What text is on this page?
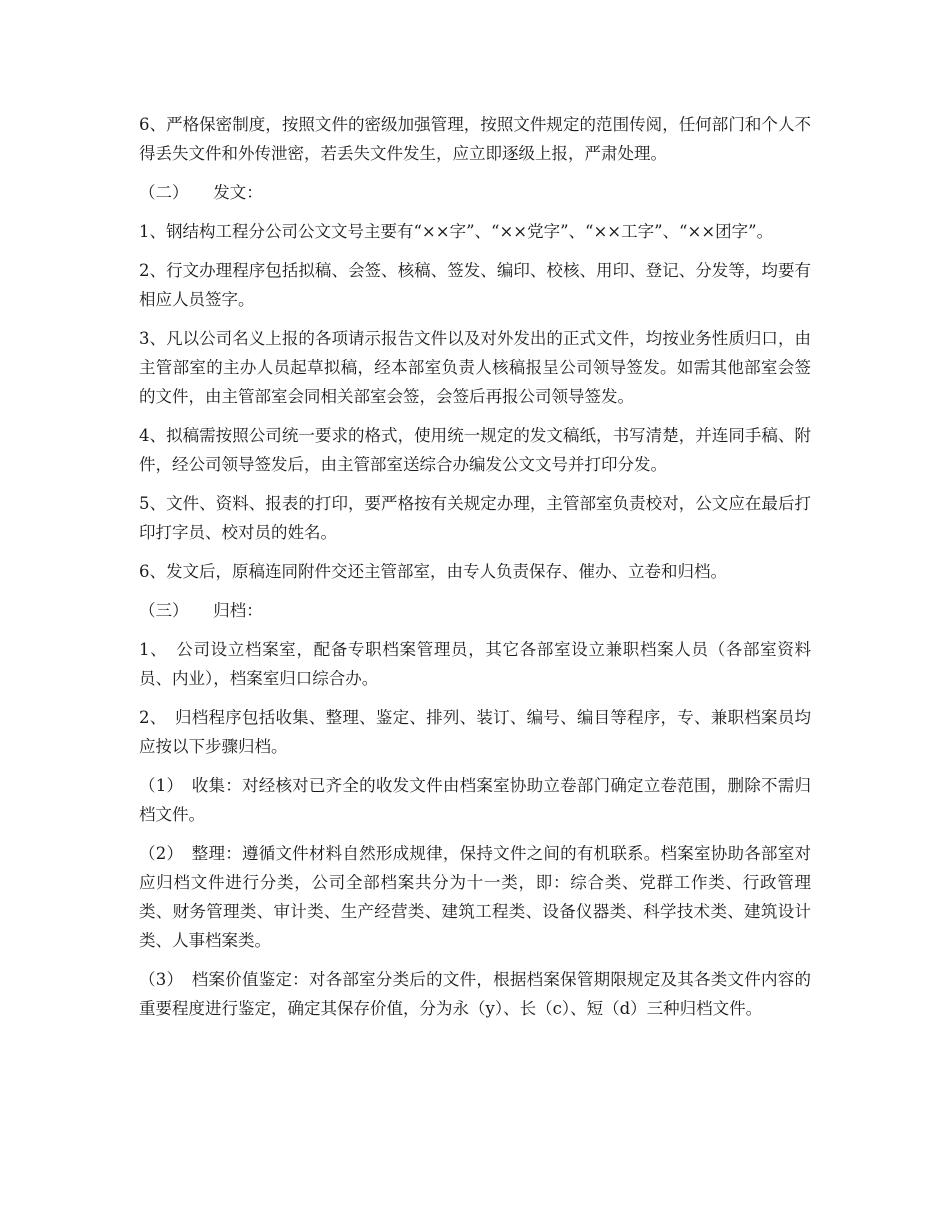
6、严格保密制度，按照文件的密级加强管理，按照文件规定的范围传阅，任何部门和个人不得丢失文件和外传泄密，若丢失文件发生，应立即逐级上报，严肃处理。

（二）　　发文：

1、钢结构工程分公司公文文号主要有“××字”、“××党字”、“××工字”、“××团字”。

2、行文办理程序包括拟稿、会签、核稿、签发、编印、校核、用印、登记、分发等，均要有相应人员签字。

3、凡以公司名义上报的各项请示报告文件以及对外发出的正式文件，均按业务性质归口，由主管部室的主办人员起草拟稿，经本部室负责人核稿报呈公司领导签发。如需其他部室会签的文件，由主管部室会同相关部室会签，会签后再报公司领导签发。

4、拟稿需按照公司统一要求的格式，使用统一规定的发文稿纸，书写清楚，并连同手稿、附件，经公司领导签发后，由主管部室送综合办编发公文文号并打印分发。

5、文件、资料、报表的打印，要严格按有关规定办理，主管部室负责校对，公文应在最后打印打字员、校对员的姓名。

6、发文后，原稿连同附件交还主管部室，由专人负责保存、催办、立卷和归档。

（三）　　归档：

1、　公司设立档案室，配备专职档案管理员，其它各部室设立兼职档案人员（各部室资料员、内业），档案室归口综合办。

2、　归档程序包括收集、整理、鉴定、排列、装订、编号、编目等程序，专、兼职档案员均应按以下步骤归档。

（1）　收集：对经核对已齐全的收发文件由档案室协助立卷部门确定立卷范围，删除不需归档文件。

（2）　整理：遵循文件材料自然形成规律，保持文件之间的有机联系。档案室协助各部室对应归档文件进行分类，公司全部档案共分为十一类，即：综合类、党群工作类、行政管理类、财务管理类、审计类、生产经营类、建筑工程类、设备仪器类、科学技术类、建筑设计类、人事档案类。

（3）　档案价值鉴定：对各部室分类后的文件，根据档案保管期限规定及其各类文件内容的重要程度进行鉴定，确定其保存价值，分为永（y）、长（c）、短（d）三种归档文件。
